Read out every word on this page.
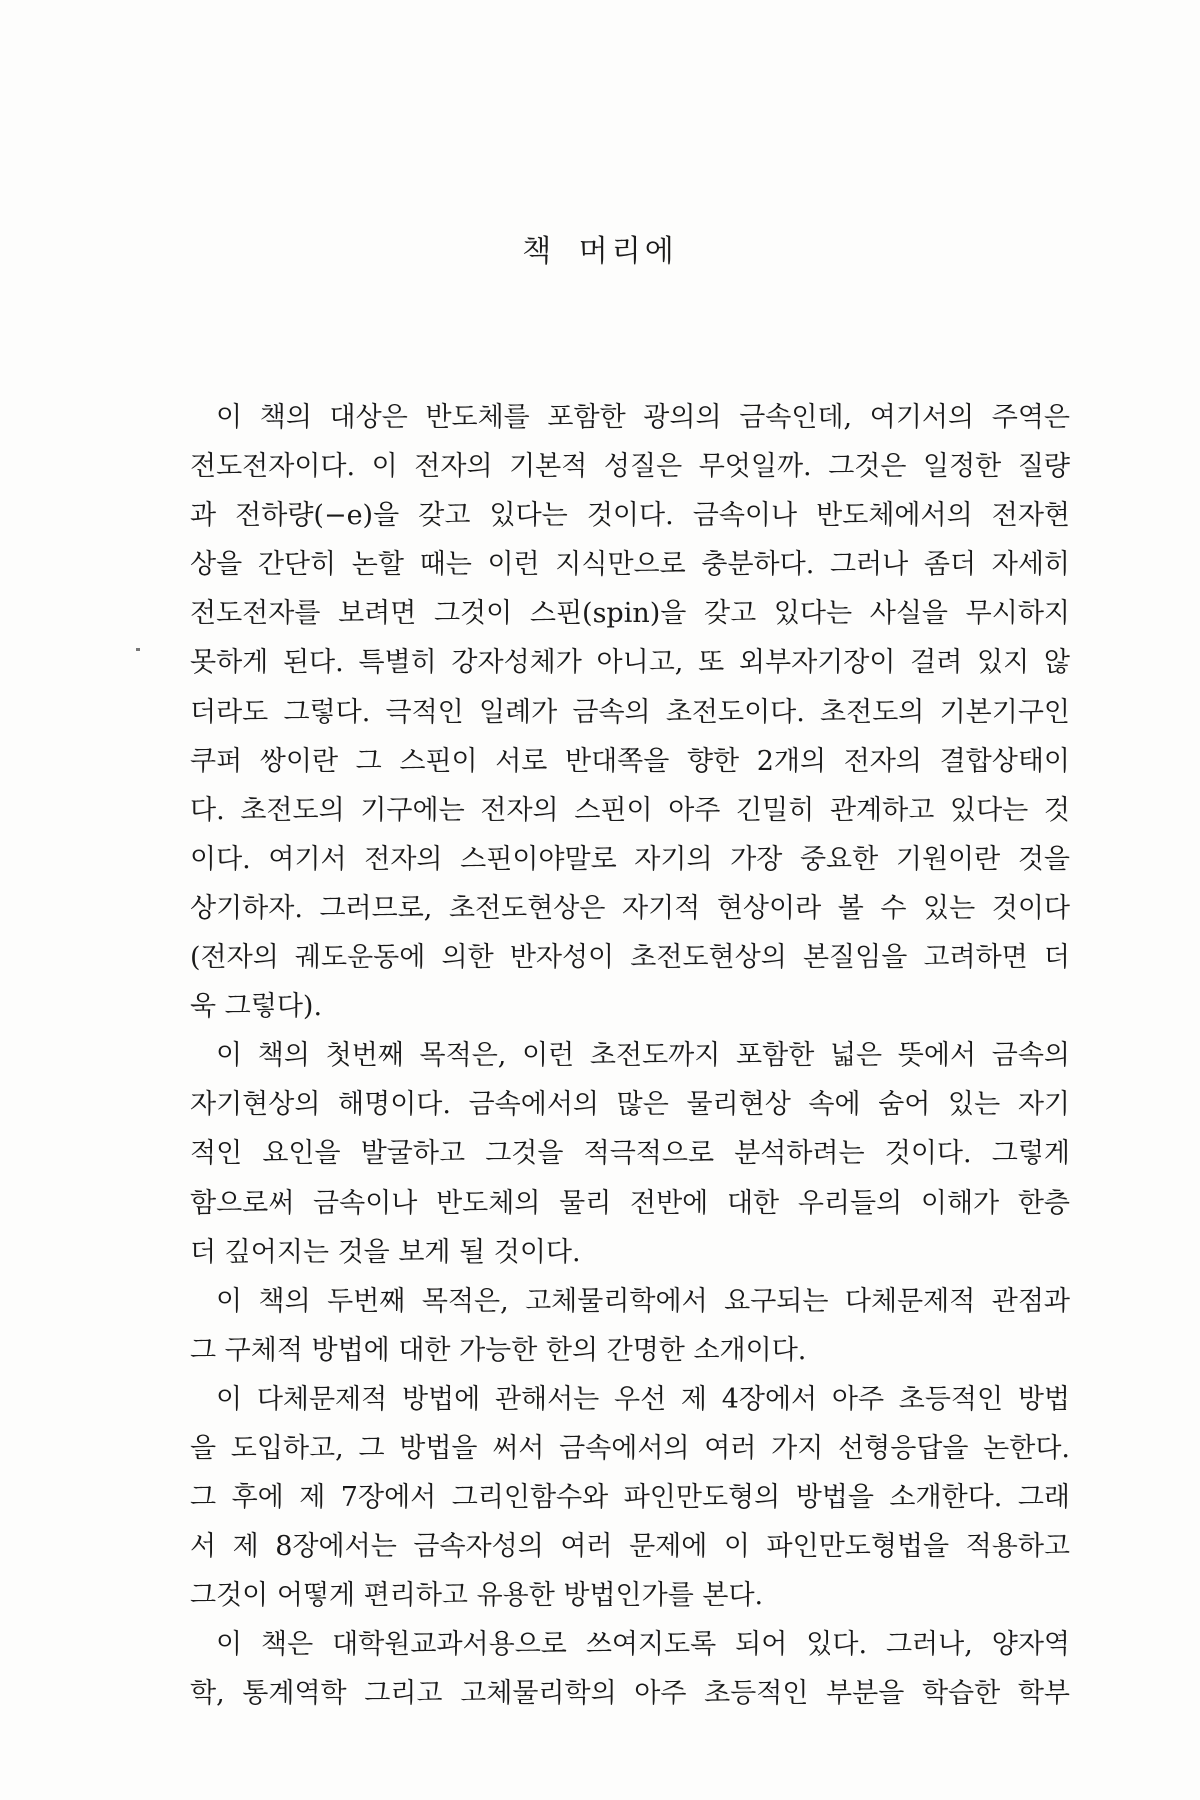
책 머리에
이 책의 대상은 반도체를 포함한 광의의 금속인데, 여기서의 주역은
전도전자이다. 이 전자의 기본적 성질은 무엇일까. 그것은 일정한 질량
과 전하량(−e)을 갖고 있다는 것이다. 금속이나 반도체에서의 전자현
상을 간단히 논할 때는 이런 지식만으로 충분하다. 그러나 좀더 자세히
전도전자를 보려면 그것이 스핀(spin)을 갖고 있다는 사실을 무시하지
못하게 된다. 특별히 강자성체가 아니고, 또 외부자기장이 걸려 있지 않
더라도 그렇다. 극적인 일례가 금속의 초전도이다. 초전도의 기본기구인
쿠퍼 쌍이란 그 스핀이 서로 반대쪽을 향한 2개의 전자의 결합상태이
다. 초전도의 기구에는 전자의 스핀이 아주 긴밀히 관계하고 있다는 것
이다. 여기서 전자의 스핀이야말로 자기의 가장 중요한 기원이란 것을
상기하자. 그러므로, 초전도현상은 자기적 현상이라 볼 수 있는 것이다
(전자의 궤도운동에 의한 반자성이 초전도현상의 본질임을 고려하면 더
욱 그렇다).
이 책의 첫번째 목적은, 이런 초전도까지 포함한 넓은 뜻에서 금속의
자기현상의 해명이다. 금속에서의 많은 물리현상 속에 숨어 있는 자기
적인 요인을 발굴하고 그것을 적극적으로 분석하려는 것이다. 그렇게
함으로써 금속이나 반도체의 물리 전반에 대한 우리들의 이해가 한층
더 깊어지는 것을 보게 될 것이다.
이 책의 두번째 목적은, 고체물리학에서 요구되는 다체문제적 관점과
그 구체적 방법에 대한 가능한 한의 간명한 소개이다.
이 다체문제적 방법에 관해서는 우선 제 4장에서 아주 초등적인 방법
을 도입하고, 그 방법을 써서 금속에서의 여러 가지 선형응답을 논한다.
그 후에 제 7장에서 그리인함수와 파인만도형의 방법을 소개한다. 그래
서 제 8장에서는 금속자성의 여러 문제에 이 파인만도형법을 적용하고
그것이 어떻게 편리하고 유용한 방법인가를 본다.
이 책은 대학원교과서용으로 쓰여지도록 되어 있다. 그러나, 양자역
학, 통계역학 그리고 고체물리학의 아주 초등적인 부분을 학습한 학부
